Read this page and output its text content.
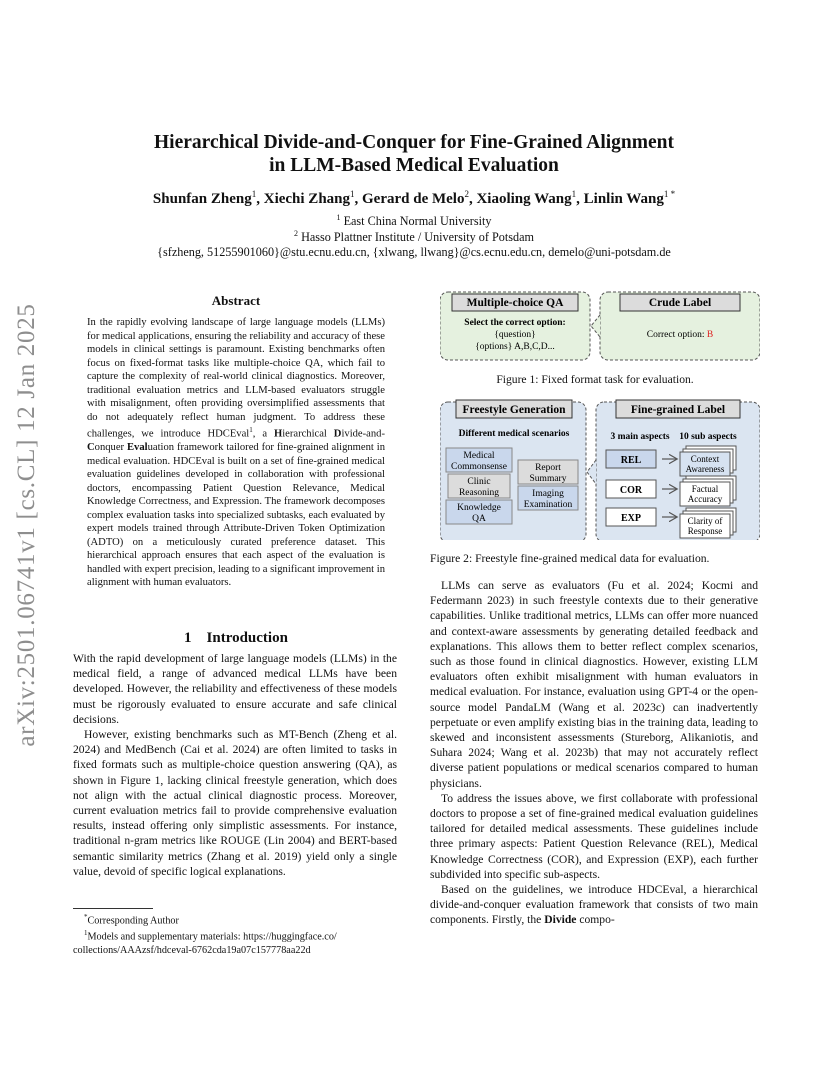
arXiv:2501.06741v1 [cs.CL] 12 Jan 2025
Hierarchical Divide-and-Conquer for Fine-Grained Alignment
in LLM-Based Medical Evaluation
Shunfan Zheng$^1$, Xiechi Zhang$^1$, Gerard de Melo$^2$, Xiaoling Wang$^1$, Linlin Wang$^{1 *}$
$^1$ East China Normal University
$^2$ Hasso Plattner Institute / University of Potsdam
{sfzheng, 51255901060}@stu.ecnu.edu.cn, {xlwang, llwang}@cs.ecnu.edu.cn, demelo@uni-potsdam.de
Abstract
In the rapidly evolving landscape of large language models (LLMs) for medical applications, ensuring the reliability and accuracy of these models in clinical settings is paramount. Existing benchmarks often focus on fixed-format tasks like multiple-choice QA, which fail to capture the complexity of real-world clinical diagnostics. Moreover, traditional evaluation metrics and LLM-based evaluators struggle with misalignment, often providing oversimplified assessments that do not adequately reflect human judgment. To address these challenges, we introduce HDCEval$^1$, a Hierarchical Divide-and-Conquer Evaluation framework tailored for fine-grained alignment in medical evaluation. HDCEval is built on a set of fine-grained medical evaluation guidelines developed in collaboration with professional doctors, encompassing Patient Question Relevance, Medical Knowledge Correctness, and Expression. The framework decomposes complex evaluation tasks into specialized subtasks, each evaluated by expert models trained through Attribute-Driven Token Optimization (ADTO) on a meticulously curated preference dataset. This hierarchical approach ensures that each aspect of the evaluation is handled with expert precision, leading to a significant improvement in alignment with human evaluators.
1 Introduction

With the rapid development of large language models (LLMs) in the medical field, a range of advanced medical LLMs have been developed. However, the reliability and effectiveness of these models must be rigorously evaluated to ensure accurate and safe clinical decisions.

However, existing benchmarks such as MT-Bench (Zheng et al. 2024) and MedBench (Cai et al. 2024) are often limited to tasks in fixed formats such as multiple-choice question answering (QA), as shown in Figure 1, lacking clinical freestyle generation, which does not align with the actual clinical diagnostic process. Moreover, current evaluation metrics fail to provide comprehensive evaluation results, instead offering only simplistic assessments. For instance, traditional n-gram metrics like ROUGE (Lin 2004) and BERT-based semantic similarity metrics (Zhang et al. 2019) yield only a single value, devoid of specific logical explanations.

*Corresponding Author

$^1$Models and supplementary materials: https://huggingface.co/ collections/AAAzsf/hdceval-6762cda19a07c157778aa22d

Multiple-choice QA
Select the correct option:
{question}
{options} A,B,C,D...
Crude Label
Correct option: B
Freestyle Generation
Different medical scenarios
Medical
Commonsense
Clinic
Reasoning
Knowledge
QA
Report
Summary
Imaging
Examination
Fine-grained Label
3 main aspects 10 sub aspects
REL	Context
Awareness
COR	Factual
Accuracy
EXP	Clarity of
Response
Figure 1: Fixed format task for evaluation.
Figure 2: Freestyle fine-grained medical data for evaluation.

LLMs can serve as evaluators (Fu et al. 2024; Kocmi and Federmann 2023) in such freestyle contexts due to their generative capabilities. Unlike traditional metrics, LLMs can offer more nuanced and context-aware assessments by generating detailed feedback and explanations. This allows them to better reflect complex scenarios, such as those found in clinical diagnostics. However, existing LLM evaluators often exhibit misalignment with human evaluators in medical evaluation. For instance, evaluation using GPT-4 or the open-source model PandaLM (Wang et al. 2023c) can inadvertently perpetuate or even amplify existing bias in the training data, leading to skewed and inconsistent assessments (Stureborg, Alikaniotis, and Suhara 2024; Wang et al. 2023b) that may not accurately reflect diverse patient populations or medical scenarios compared to human physicians.

To address the issues above, we first collaborate with professional doctors to propose a set of fine-grained medical evaluation guidelines tailored for detailed medical assessments. These guidelines include three primary aspects: Patient Question Relevance (REL), Medical Knowledge Correctness (COR), and Expression (EXP), each further subdivided into specific sub-aspects.

Based on the guidelines, we introduce HDCEval, a hierarchical divide-and-conquer evaluation framework that consists of two main components. Firstly, the Divide compo-
